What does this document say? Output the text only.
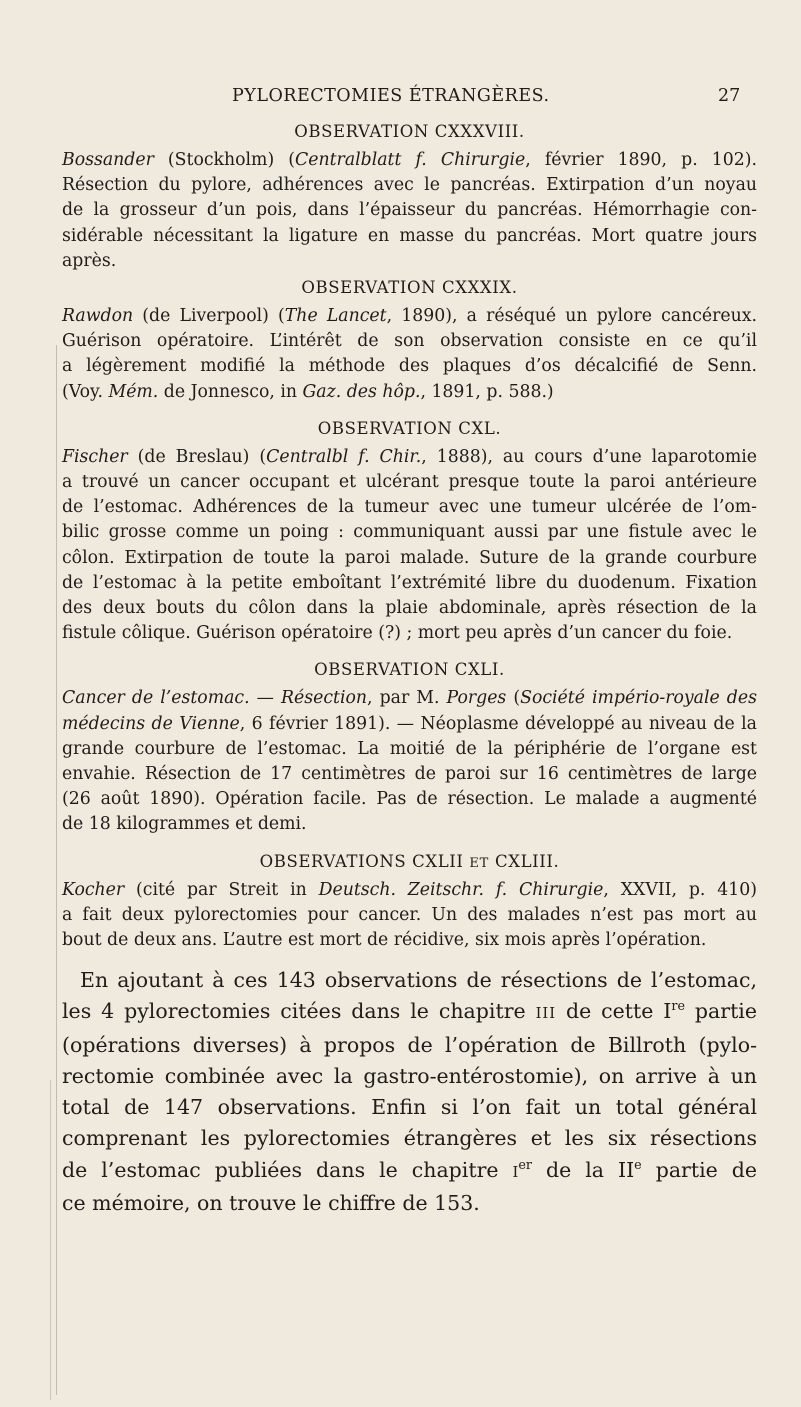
PYLORECTOMIES ÉTRANGÈRES.	27
OBSERVATION CXXXVIII.

Bossander (Stockholm) (Centralblatt f. Chirurgie, février 1890, p. 102).
Résection du pylore, adhérences avec le pancréas. Extirpation d’un noyau
de la grosseur d’un pois, dans l’épaisseur du pancréas. Hémorrhagie con-
sidérable nécessitant la ligature en masse du pancréas. Mort quatre jours
après.

OBSERVATION CXXXIX.

Rawdon (de Liverpool) (The Lancet, 1890), a réséqué un pylore cancéreux.
Guérison opératoire. L’intérêt de son observation consiste en ce qu’il
a légèrement modifié la méthode des plaques d’os décalcifié de Senn.
(Voy. Mém. de Jonnesco, in Gaz. des hôp., 1891, p. 588.)

OBSERVATION CXL.

Fischer (de Breslau) (Centralbl f. Chir., 1888), au cours d’une laparotomie
a trouvé un cancer occupant et ulcérant presque toute la paroi antérieure
de l’estomac. Adhérences de la tumeur avec une tumeur ulcérée de l’om-
bilic grosse comme un poing : communiquant aussi par une fistule avec le
côlon. Extirpation de toute la paroi malade. Suture de la grande courbure
de l’estomac à la petite emboîtant l’extrémité libre du duodenum. Fixation
des deux bouts du côlon dans la plaie abdominale, après résection de la
fistule côlique. Guérison opératoire (?) ; mort peu après d’un cancer du foie.

OBSERVATION CXLI.

Cancer de l’estomac. — Résection, par M. Porges (Société império-royale des
médecins de Vienne, 6 février 1891). — Néoplasme développé au niveau de la
grande courbure de l’estomac. La moitié de la périphérie de l’organe est
envahie. Résection de 17 centimètres de paroi sur 16 centimètres de large
(26 août 1890). Opération facile. Pas de résection. Le malade a augmenté
de 18 kilogrammes et demi.

OBSERVATIONS CXLII ET CXLIII.

Kocher (cité par Streit in Deutsch. Zeitschr. f. Chirurgie, XXVII, p. 410)
a fait deux pylorectomies pour cancer. Un des malades n’est pas mort au
bout de deux ans. L’autre est mort de récidive, six mois après l’opération.

En ajoutant à ces 143 observations de résections de l’estomac,
les 4 pylorectomies citées dans le chapitre III de cette Ire partie
(opérations diverses) à propos de l’opération de Billroth (pylo-
rectomie combinée avec la gastro-entérostomie), on arrive à un
total de 147 observations. Enfin si l’on fait un total général
comprenant les pylorectomies étrangères et les six résections
de l’estomac publiées dans le chapitre Ier de la IIe partie de
ce mémoire, on trouve le chiffre de 153.
